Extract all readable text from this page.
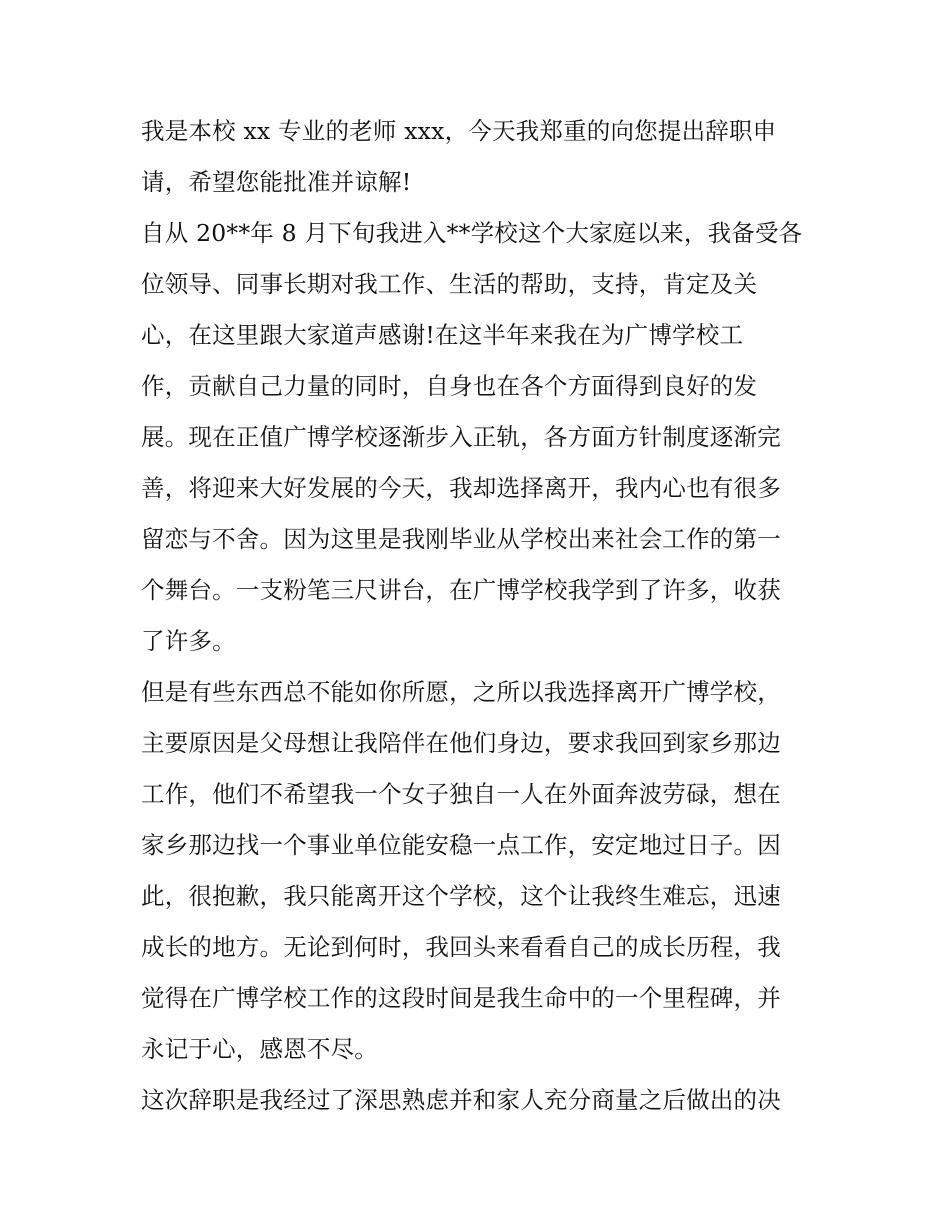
我是本校 xx 专业的老师 xxx，今天我郑重的向您提出辞职申
请，希望您能批准并谅解!

自从 20**年 8 月下旬我进入**学校这个大家庭以来，我备受各
位领导、同事长期对我工作、生活的帮助，支持，肯定及关
心，在这里跟大家道声感谢!在这半年来我在为广博学校工
作，贡献自己力量的同时，自身也在各个方面得到良好的发
展。现在正值广博学校逐渐步入正轨，各方面方针制度逐渐完
善，将迎来大好发展的今天，我却选择离开，我内心也有很多
留恋与不舍。因为这里是我刚毕业从学校出来社会工作的第一
个舞台。一支粉笔三尺讲台，在广博学校我学到了许多，收获
了许多。

但是有些东西总不能如你所愿，之所以我选择离开广博学校，
主要原因是父母想让我陪伴在他们身边，要求我回到家乡那边
工作，他们不希望我一个女子独自一人在外面奔波劳碌，想在
家乡那边找一个事业单位能安稳一点工作，安定地过日子。因
此，很抱歉，我只能离开这个学校，这个让我终生难忘，迅速
成长的地方。无论到何时，我回头来看看自己的成长历程，我
觉得在广博学校工作的这段时间是我生命中的一个里程碑，并
永记于心，感恩不尽。

这次辞职是我经过了深思熟虑并和家人充分商量之后做出的决
